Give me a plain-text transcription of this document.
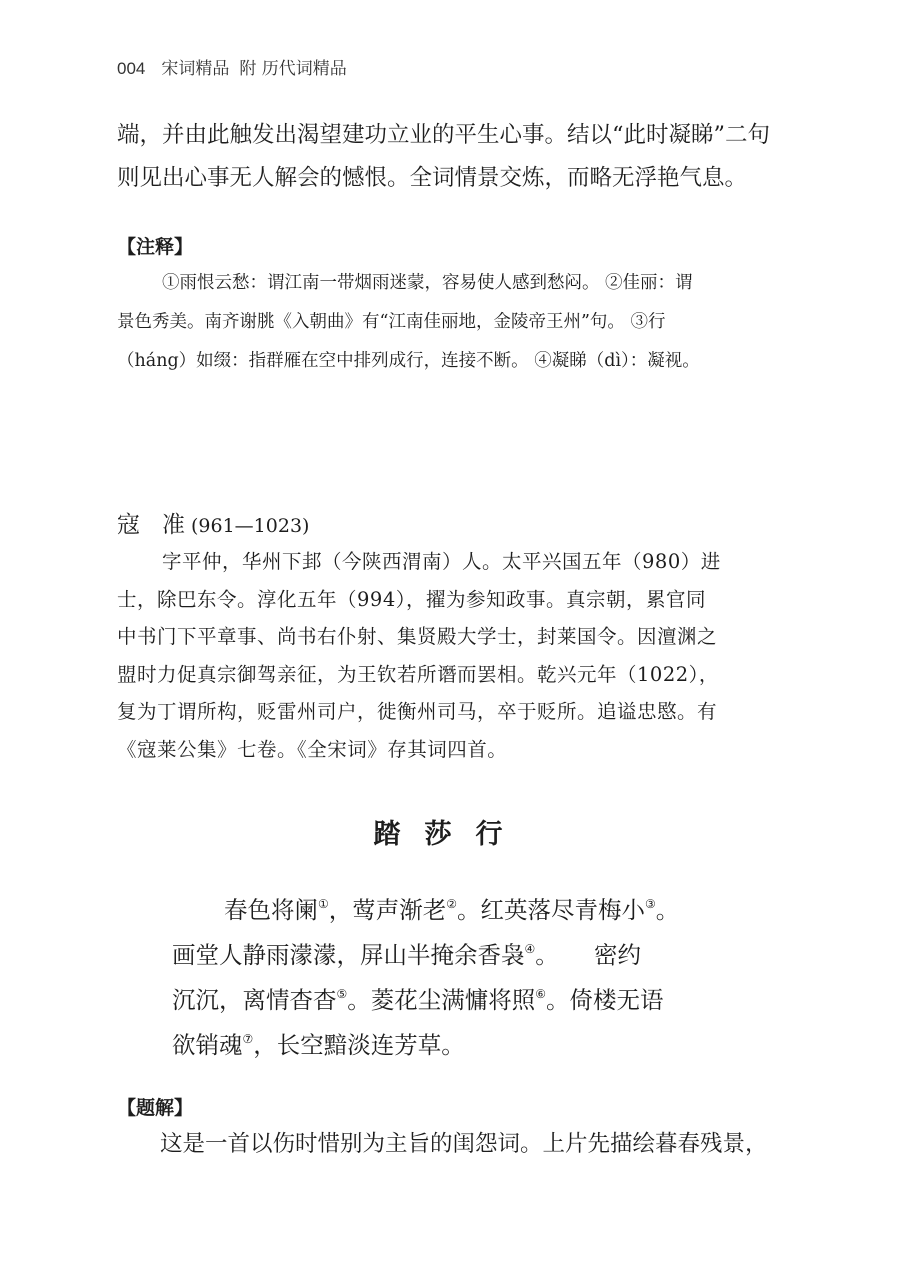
004 宋词精品 附 历代词精品

端，并由此触发出渴望建功立业的平生心事。结以“此时凝睇”二句

则见出心事无人解会的憾恨。全词情景交炼，而略无浮艳气息。

【注释】
①雨恨云愁：谓江南一带烟雨迷蒙，容易使人感到愁闷。 ②佳丽：谓
景色秀美。南齐谢朓《入朝曲》有“江南佳丽地，金陵帝王州”句。 ③行
（háng）如缀：指群雁在空中排列成行，连接不断。 ④凝睇（dì）：凝视。
寇 准 (961—1023)
字平仲，华州下邽（今陕西渭南）人。太平兴国五年（980）进
士，除巴东令。淳化五年（994），擢为参知政事。真宗朝，累官同
中书门下平章事、尚书右仆射、集贤殿大学士，封莱国令。因澶渊之
盟时力促真宗御驾亲征，为王钦若所谮而罢相。乾兴元年（1022），
复为丁谓所构，贬雷州司户，徙衡州司马，卒于贬所。追谥忠愍。有
《寇莱公集》七卷。《全宋词》存其词四首。
踏莎行
春色将阑①，莺声渐老②。红英落尽青梅小③。
画堂人静雨濛濛，屏山半掩余香袅④。　　密约
沉沉，离情杳杳⑤。菱花尘满慵将照⑥。倚楼无语
欲销魂⑦，长空黯淡连芳草。
【题解】
这是一首以伤时惜别为主旨的闺怨词。上片先描绘暮春残景，
